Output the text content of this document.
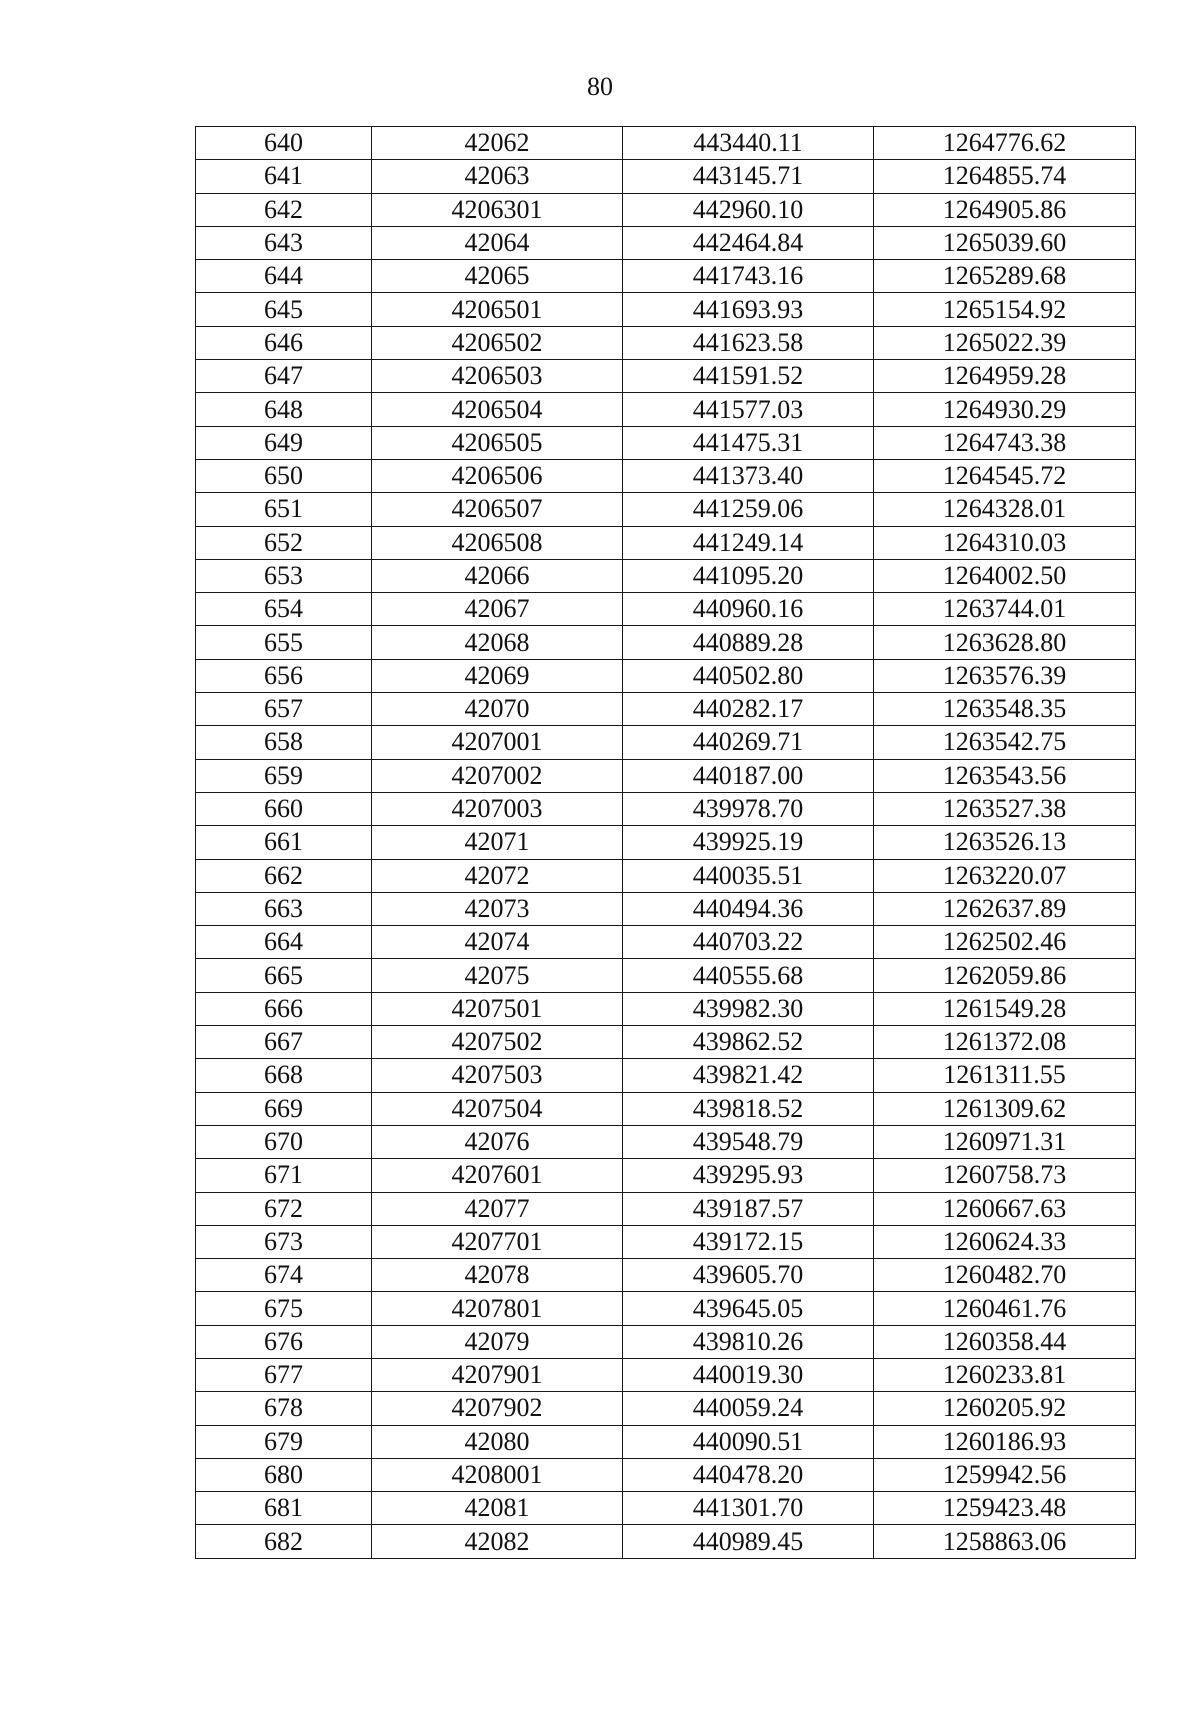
80
640	42062	443440.11	1264776.62
641	42063	443145.71	1264855.74
642	4206301	442960.10	1264905.86
643	42064	442464.84	1265039.60
644	42065	441743.16	1265289.68
645	4206501	441693.93	1265154.92
646	4206502	441623.58	1265022.39
647	4206503	441591.52	1264959.28
648	4206504	441577.03	1264930.29
649	4206505	441475.31	1264743.38
650	4206506	441373.40	1264545.72
651	4206507	441259.06	1264328.01
652	4206508	441249.14	1264310.03
653	42066	441095.20	1264002.50
654	42067	440960.16	1263744.01
655	42068	440889.28	1263628.80
656	42069	440502.80	1263576.39
657	42070	440282.17	1263548.35
658	4207001	440269.71	1263542.75
659	4207002	440187.00	1263543.56
660	4207003	439978.70	1263527.38
661	42071	439925.19	1263526.13
662	42072	440035.51	1263220.07
663	42073	440494.36	1262637.89
664	42074	440703.22	1262502.46
665	42075	440555.68	1262059.86
666	4207501	439982.30	1261549.28
667	4207502	439862.52	1261372.08
668	4207503	439821.42	1261311.55
669	4207504	439818.52	1261309.62
670	42076	439548.79	1260971.31
671	4207601	439295.93	1260758.73
672	42077	439187.57	1260667.63
673	4207701	439172.15	1260624.33
674	42078	439605.70	1260482.70
675	4207801	439645.05	1260461.76
676	42079	439810.26	1260358.44
677	4207901	440019.30	1260233.81
678	4207902	440059.24	1260205.92
679	42080	440090.51	1260186.93
680	4208001	440478.20	1259942.56
681	42081	441301.70	1259423.48
682	42082	440989.45	1258863.06
